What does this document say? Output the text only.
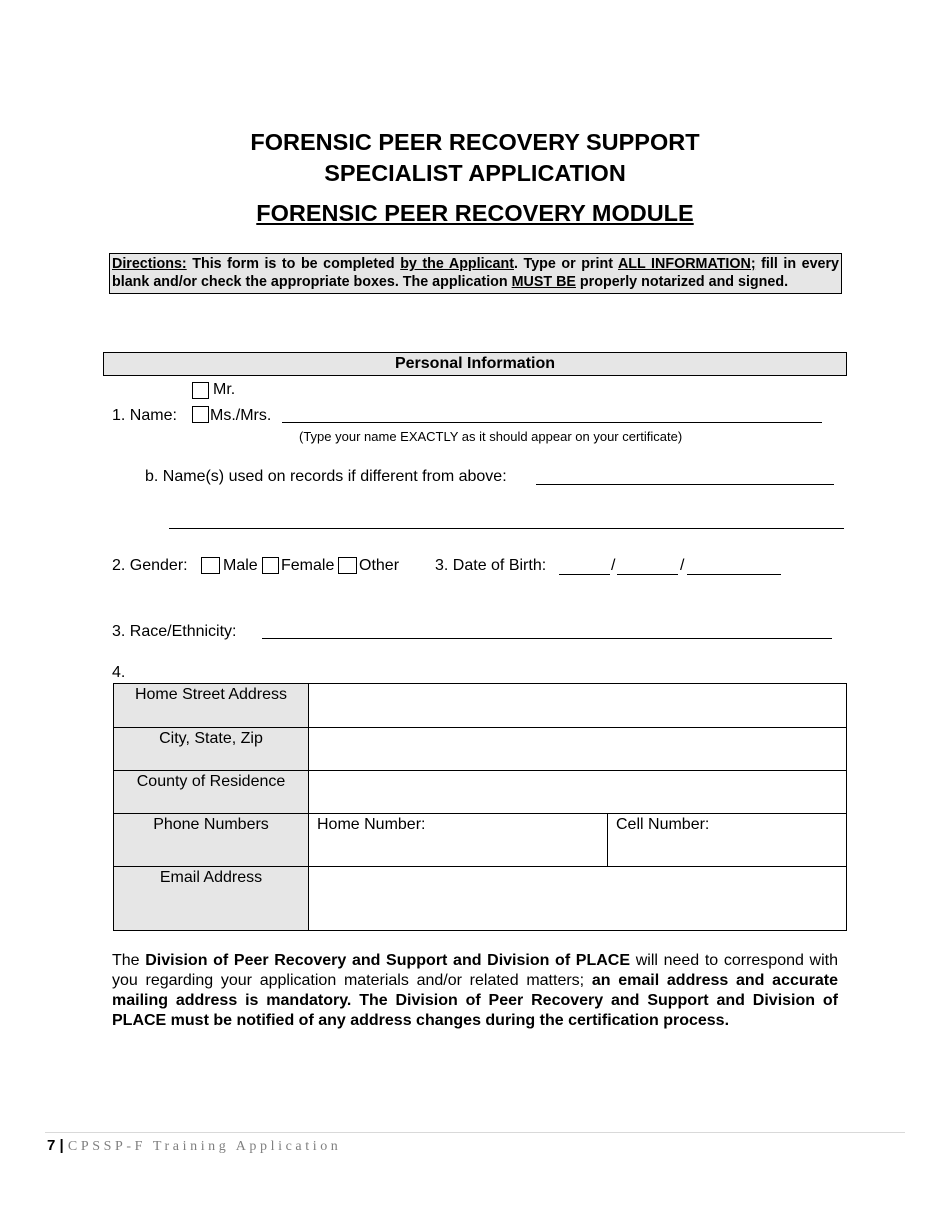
FORENSIC PEER RECOVERY SUPPORT
SPECIALIST APPLICATION
FORENSIC PEER RECOVERY MODULE
Directions: This form is to be completed by the Applicant. Type or print ALL INFORMATION; fill in every blank and/or check the appropriate boxes. The application MUST BE properly notarized and signed.
Personal Information
Mr.
1. Name: Ms./Mrs.
(Type your name EXACTLY as it should appear on your certificate)
b. Name(s) used on records if different from above:
2. Gender: Male Female Other 3. Date of Birth:	/	/
3. Race/Ethnicity:
4.
Home Street Address		
City, State, Zip		
County of Residence		
Phone Numbers	Home Number:	Cell Number:
Email Address		
The Division of Peer Recovery and Support and Division of PLACE will need to correspond with you regarding your application materials and/or related matters; an email address and accurate mailing address is mandatory. The Division of Peer Recovery and Support and Division of PLACE must be notified of any address changes during the certification process.
7 | CPSSP-F Training Application
